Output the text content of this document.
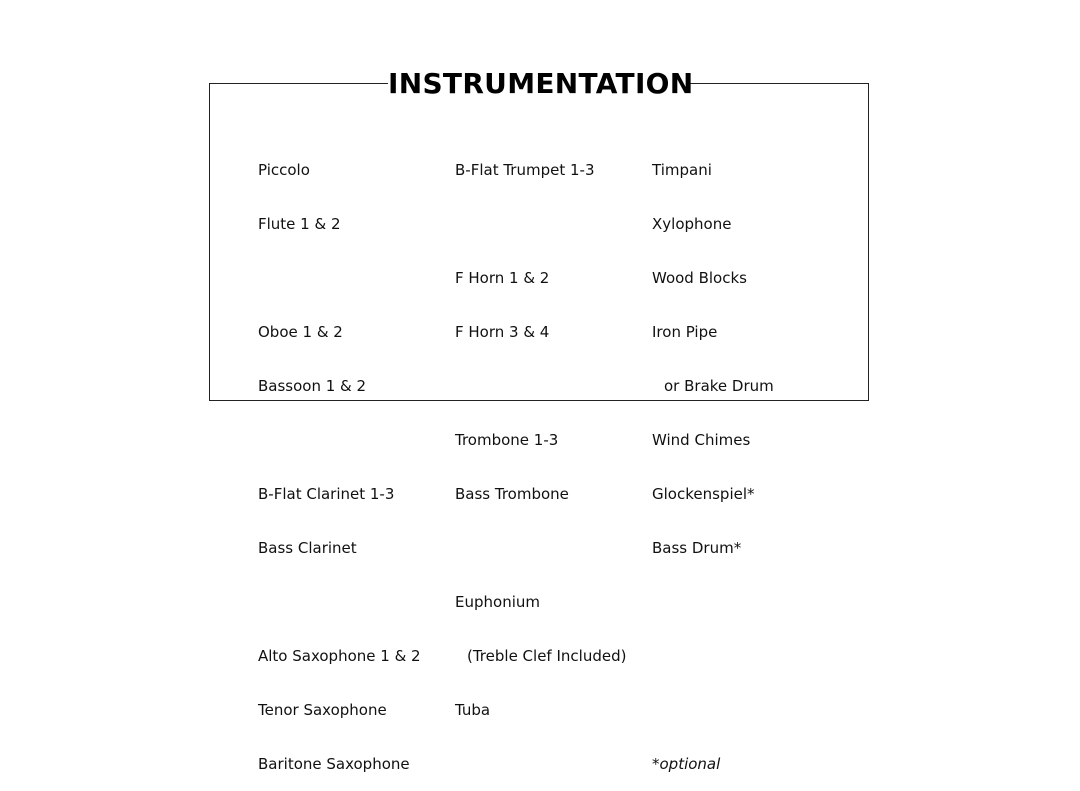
INSTRUMENTATION

Piccolo

Flute 1 & 2

Oboe 1 & 2

Bassoon 1 & 2

B-Flat Clarinet 1-3

Bass Clarinet

Alto Saxophone 1 & 2

Tenor Saxophone

Baritone Saxophone

B-Flat Trumpet 1-3

F Horn 1 & 2

F Horn 3 & 4

Trombone 1-3

Bass Trombone

Euphonium

(Treble Clef Included)

Tuba

Timpani

Xylophone

Wood Blocks

Iron Pipe

or Brake Drum

Wind Chimes

Glockenspiel*

Bass Drum*

*optional
